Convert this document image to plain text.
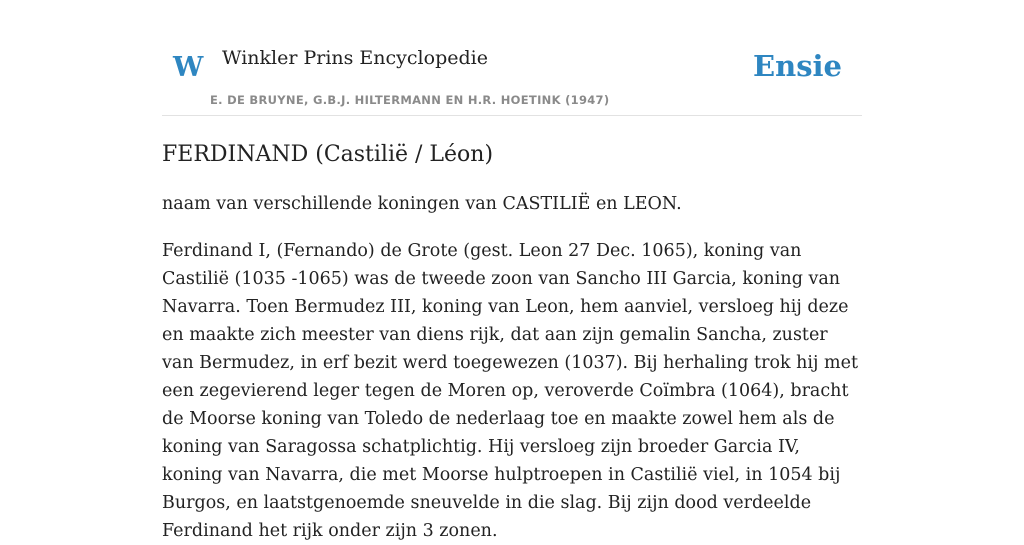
W Winkler Prins Encyclopedie
E. DE BRUYNE, G.B.J. HILTERMANN EN H.R. HOETINK (1947)
Ensie
FERDINAND (Castilië / Léon)

naam van verschillende koningen van CASTILIË en LEON.

Ferdinand I, (Fernando) de Grote (gest. Leon 27 Dec. 1065), koning van Castilië (1035 -1065) was de tweede zoon van Sancho III Garcia, koning van Navarra. Toen Bermudez III, koning van Leon, hem aanviel, versloeg hij deze en maakte zich meester van diens rijk, dat aan zijn gemalin Sancha, zuster van Bermudez, in erf bezit werd toegewezen (1037). Bij herhaling trok hij met een zegevierend leger tegen de Moren op, veroverde Coïmbra (1064), bracht de Moorse koning van Toledo de nederlaag toe en maakte zowel hem als de koning van Saragossa schatplichtig. Hij versloeg zijn broeder Garcia IV, koning van Navarra, die met Moorse hulptroepen in Castilië viel, in 1054 bij Burgos, en laatstgenoemde sneuvelde in die slag. Bij zijn dood verdeelde Ferdinand het rijk onder zijn 3 zonen.
